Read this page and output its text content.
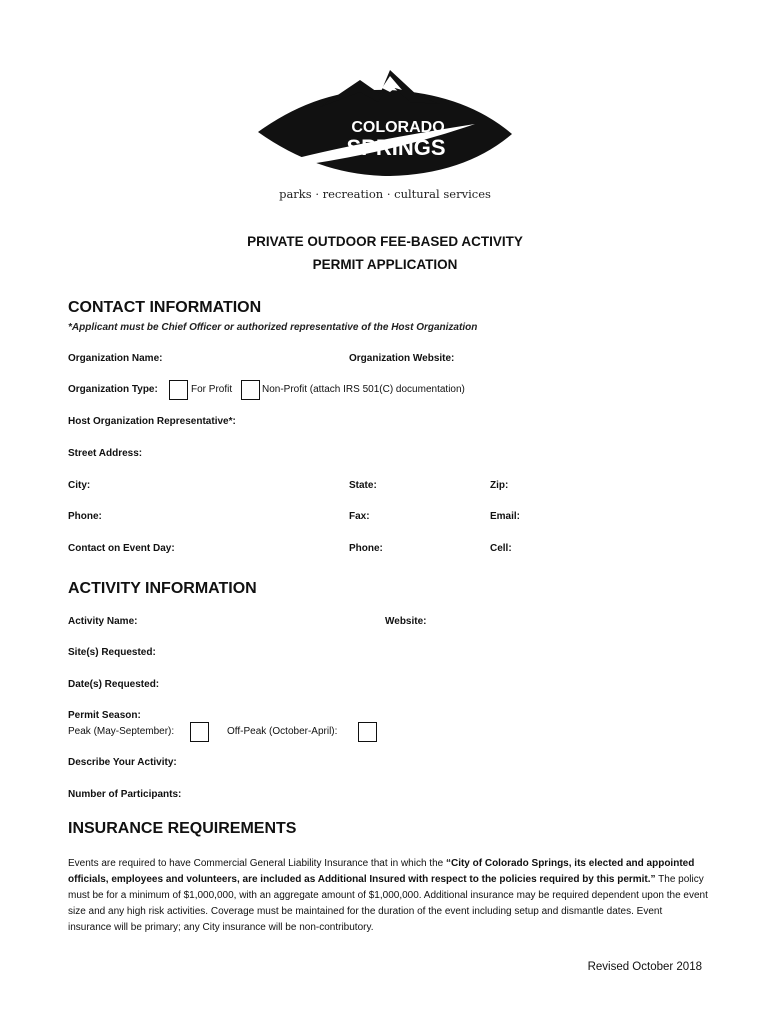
COLORADO
SPRINGS
parks · recreation · cultural services
PRIVATE OUTDOOR FEE-BASED ACTIVITY
PERMIT APPLICATION
CONTACT INFORMATION
*Applicant must be Chief Officer or authorized representative of the Host Organization
Organization Name:	Organization Website:
Organization Type:	For Profit	Non-Profit (attach IRS 501(C) documentation)
Host Organization Representative*:
Street Address:
City:	State:	Zip:
Phone:	Fax:	Email:
Contact on Event Day:	Phone:	Cell:
ACTIVITY INFORMATION
Activity Name:	Website:
Site(s) Requested:
Date(s) Requested:
Permit Season:
Peak (May-September):	Off-Peak (October-April):
Describe Your Activity:
Number of Participants:
INSURANCE REQUIREMENTS
Events are required to have Commercial General Liability Insurance that in which the “City of Colorado Springs, its elected and appointed officials, employees and volunteers, are included as Additional Insured with respect to the policies required by this permit.” The policy must be for a minimum of $1,000,000, with an aggregate amount of $1,000,000. Additional insurance may be required dependent upon the event size and any high risk activities. Coverage must be maintained for the duration of the event including setup and dismantle dates. Event insurance will be primary; any City insurance will be non-contributory.
Revised October 2018
